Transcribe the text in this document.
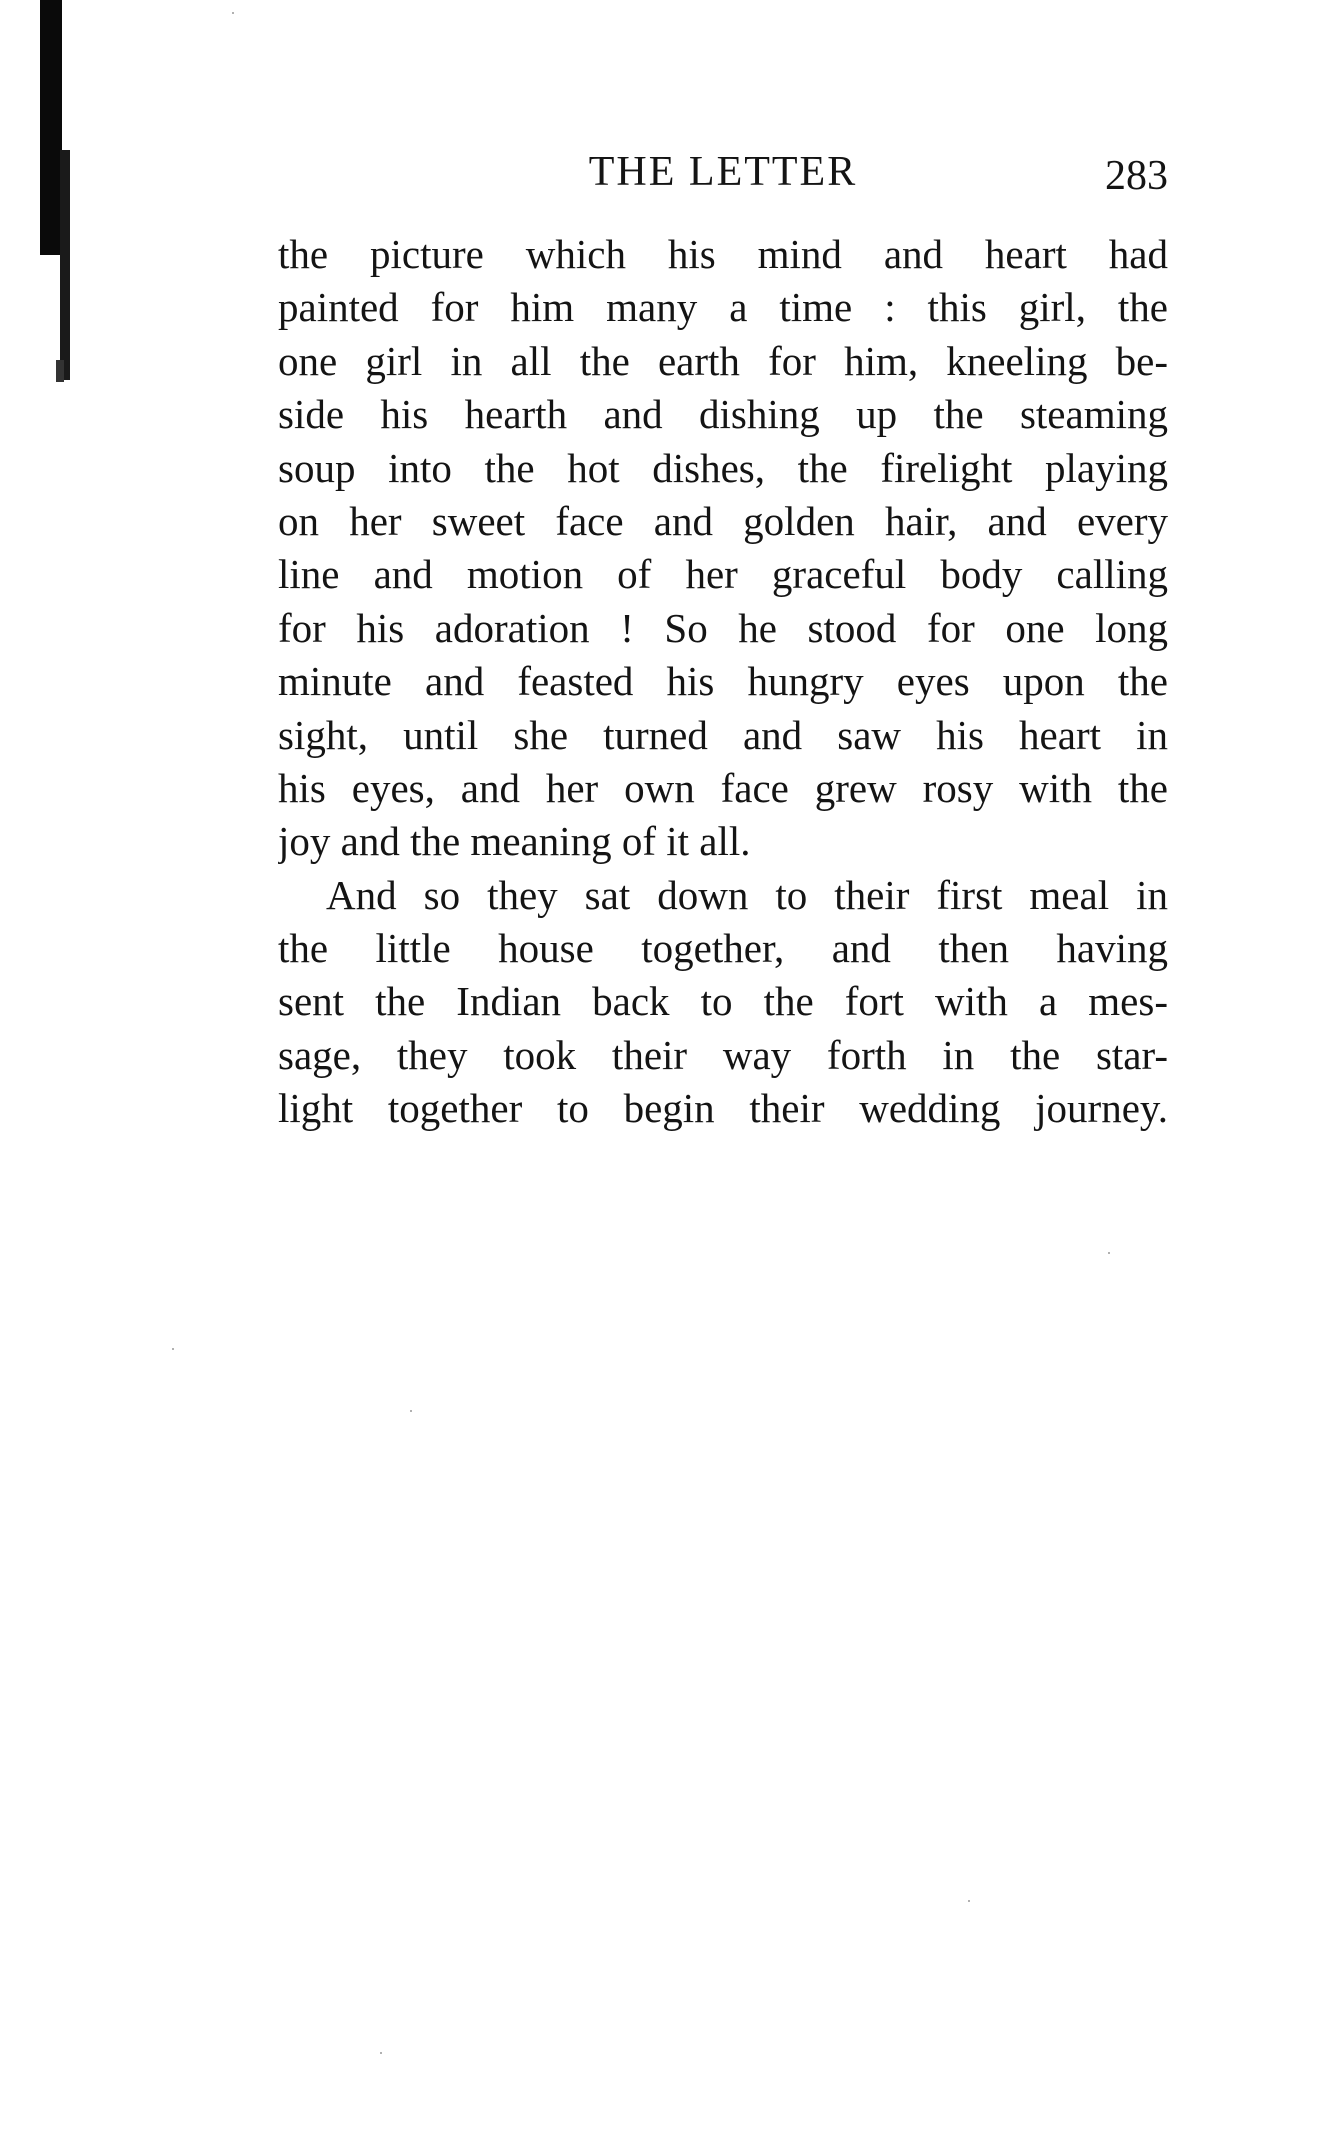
THE LETTER	283
the picture which his mind and heart had
painted for him many a time : this girl, the
one girl in all the earth for him, kneeling be-
side his hearth and dishing up the steaming
soup into the hot dishes, the firelight playing
on her sweet face and golden hair, and every
line and motion of her graceful body calling
for his adoration ! So he stood for one long
minute and feasted his hungry eyes upon the
sight, until she turned and saw his heart in
his eyes, and her own face grew rosy with the
joy and the meaning of it all.
And so they sat down to their first meal in
the little house together, and then having
sent the Indian back to the fort with a mes-
sage, they took their way forth in the star-
light together to begin their wedding journey.
